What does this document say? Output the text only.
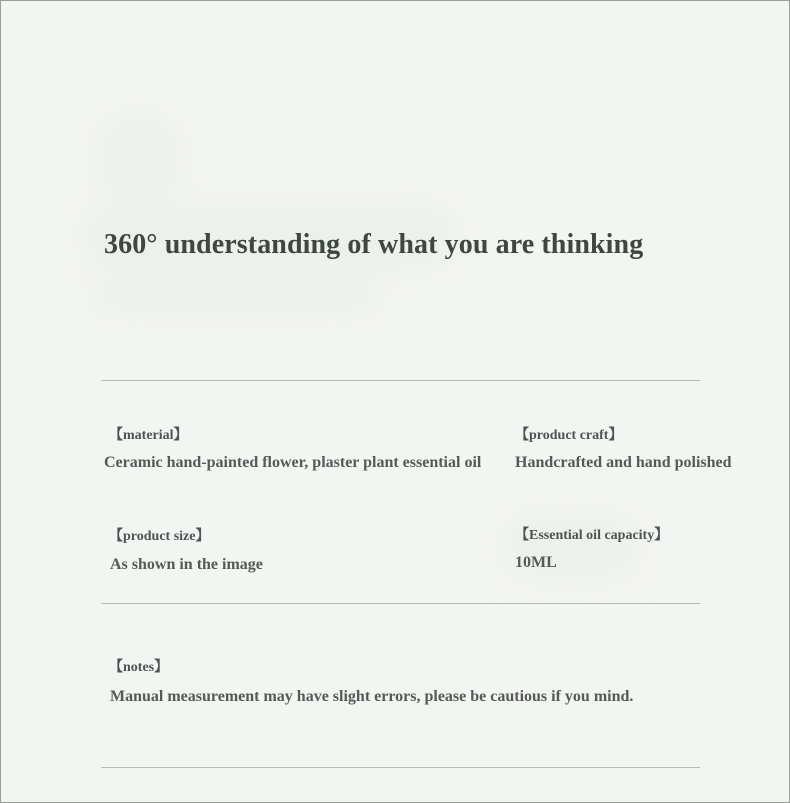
360° understanding of what you are thinking
【material】
Ceramic hand-painted flower, plaster plant essential oil
【product craft】
Handcrafted and hand polished
【product size】
As shown in the image
【Essential oil capacity】
10ML
【notes】
Manual measurement may have slight errors, please be cautious if you mind.
